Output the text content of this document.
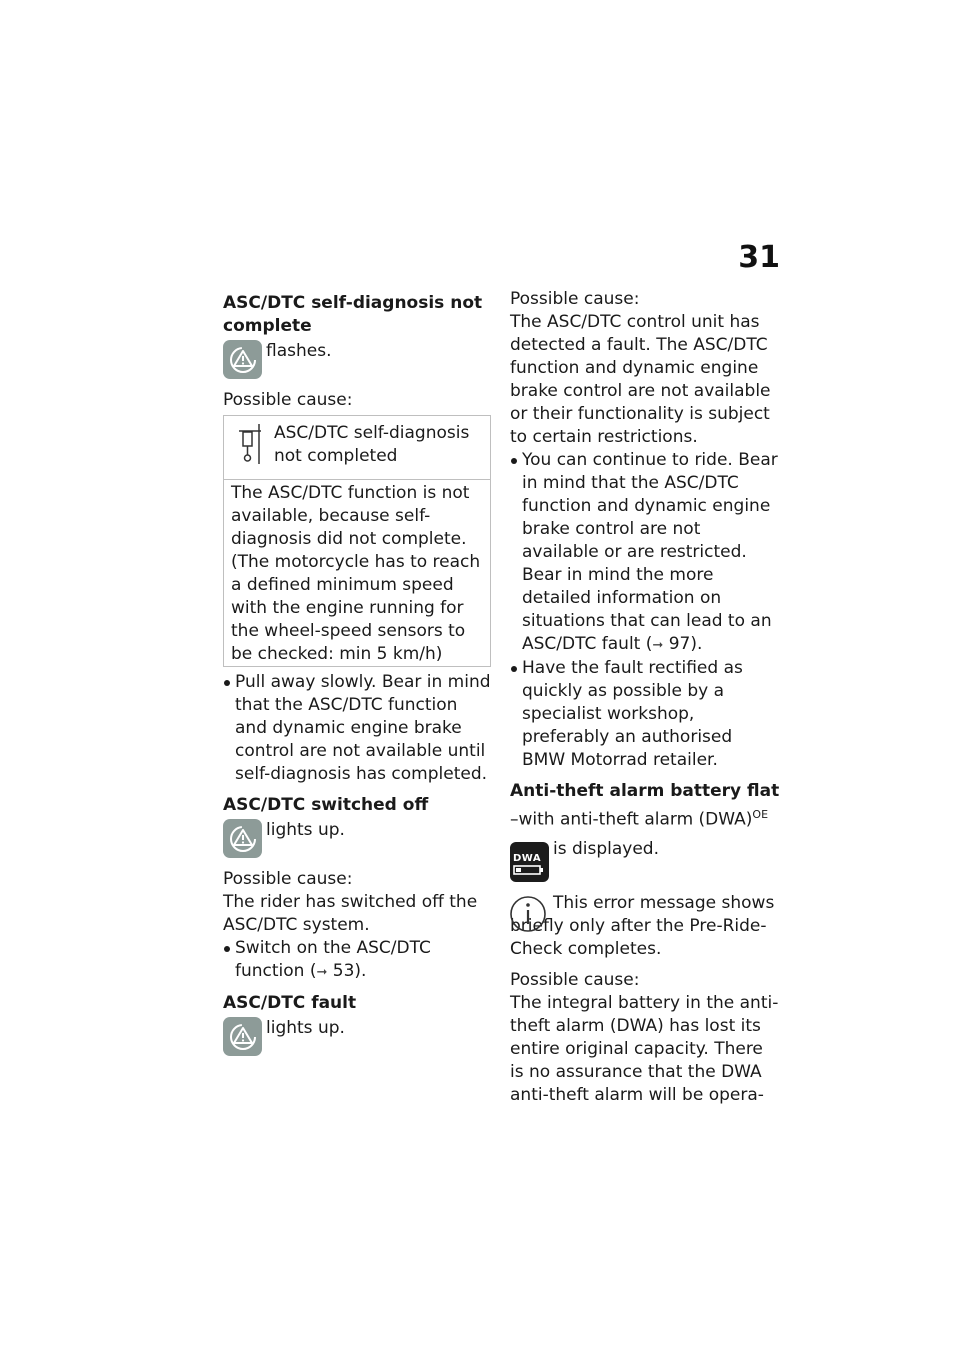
31

ASC/DTC self-diagnosis not complete

flashes.

Possible cause:

ASC/DTC self-diagnosis not completed

The ASC/DTC function is not available, because self-diagnosis did not complete. (The motorcycle has to reach a defined minimum speed with the engine running for the wheel-speed sensors to be checked: min 5 km/h)

Pull away slowly. Bear in mind that the ASC/DTC function and dynamic engine brake control are not available until self-diagnosis has completed.

ASC/DTC switched off

lights up.

Possible cause:

The rider has switched off the ASC/DTC system.

Switch on the ASC/DTC function (➞ 53).

ASC/DTC fault

lights up.

Possible cause:

The ASC/DTC control unit has detected a fault. The ASC/DTC function and dynamic engine brake control are not available or their functionality is subject to certain restrictions.

You can continue to ride. Bear in mind that the ASC/DTC function and dynamic engine brake control are not available or are restricted. Bear in mind the more detailed information on situations that can lead to an ASC/DTC fault (➞ 97).

Have the fault rectified as quickly as possible by a specialist workshop, preferably an authorised BMW Motorrad retailer.

Anti-theft alarm battery flat

–with anti-theft alarm (DWA)$^{OE}$

DWA is displayed.

This error message shows briefly only after the Pre-Ride-Check completes.

Possible cause:

The integral battery in the anti-theft alarm (DWA) has lost its entire original capacity. There is no assurance that the DWA anti-theft alarm will be opera-
